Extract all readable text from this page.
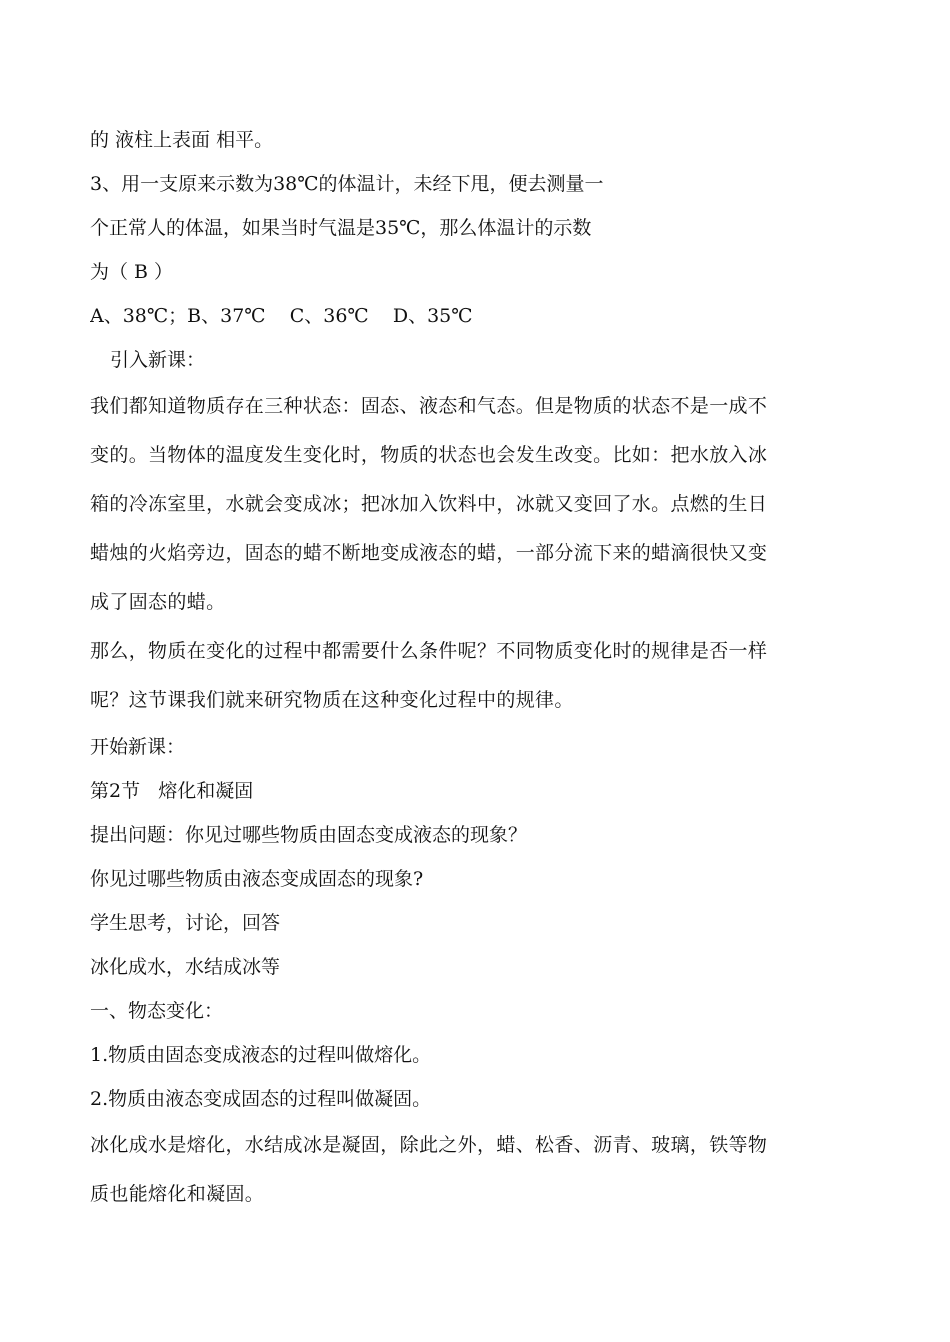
的 液柱上表面 相平。
3、用一支原来示数为38℃的体温计，未经下甩，便去测量一
个正常人的体温，如果当时气温是35℃，那么体温计的示数
为（ B ）
A、38℃；B、37℃    C、36℃    D、35℃
引入新课：
我们都知道物质存在三种状态：固态、液态和气态。但是物质的状态不是一成不
变的。当物体的温度发生变化时，物质的状态也会发生改变。比如：把水放入冰
箱的冷冻室里，水就会变成冰；把冰加入饮料中，冰就又变回了水。点燃的生日
蜡烛的火焰旁边，固态的蜡不断地变成液态的蜡，一部分流下来的蜡滴很快又变
成了固态的蜡。
那么，物质在变化的过程中都需要什么条件呢？不同物质变化时的规律是否一样
呢？这节课我们就来研究物质在这种变化过程中的规律。
开始新课：
第2节   熔化和凝固
提出问题：你见过哪些物质由固态变成液态的现象？
你见过哪些物质由液态变成固态的现象?
学生思考，讨论，回答
冰化成水，水结成冰等
一、物态变化：
1.物质由固态变成液态的过程叫做熔化。
2.物质由液态变成固态的过程叫做凝固。
冰化成水是熔化，水结成冰是凝固，除此之外，蜡、松香、沥青、玻璃，铁等物
质也能熔化和凝固。
